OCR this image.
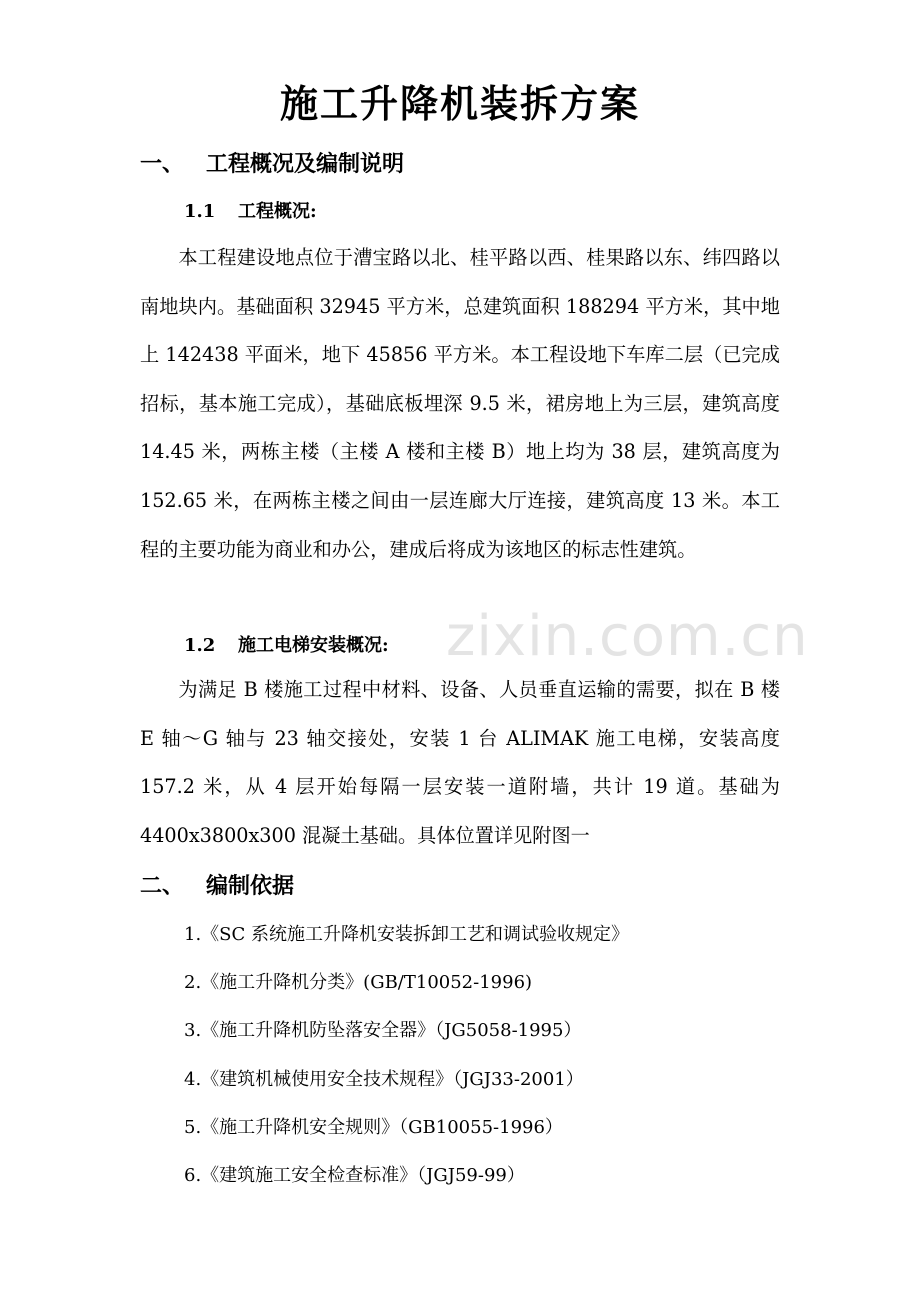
施工升降机装拆方案
一、 工程概况及编制说明
1.1 工程概况:

本工程建设地点位于漕宝路以北、桂平路以西、桂果路以东、纬四路以南地块内。基础面积 32945 平方米，总建筑面积 188294 平方米，其中地上 142438 平面米，地下 45856 平方米。本工程设地下车库二层（已完成招标，基本施工完成），基础底板埋深 9.5 米，裙房地上为三层，建筑高度 14.45 米，两栋主楼（主楼 A 楼和主楼 B）地上均为 38 层，建筑高度为 152.65 米，在两栋主楼之间由一层连廊大厅连接，建筑高度 13 米。本工程的主要功能为商业和办公，建成后将成为该地区的标志性建筑。

1.2 施工电梯安装概况:

为满足 B 楼施工过程中材料、设备、人员垂直运输的需要，拟在 B 楼 E 轴～G 轴与 23 轴交接处，安装 1 台 ALIMAK 施工电梯，安装高度 157.2 米，从 4 层开始每隔一层安装一道附墙，共计 19 道。基础为 4400x3800x300 混凝土基础。具体位置详见附图一

二、 编制依据
1.《SC 系统施工升降机安装拆卸工艺和调试验收规定》
2.《施工升降机分类》(GB/T10052-1996)
3.《施工升降机防坠落安全器》（JG5058-1995）
4.《建筑机械使用安全技术规程》（JGJ33-2001）
5.《施工升降机安全规则》（GB10055-1996）
6.《建筑施工安全检查标准》（JGJ59-99）
zixin.com.cn
